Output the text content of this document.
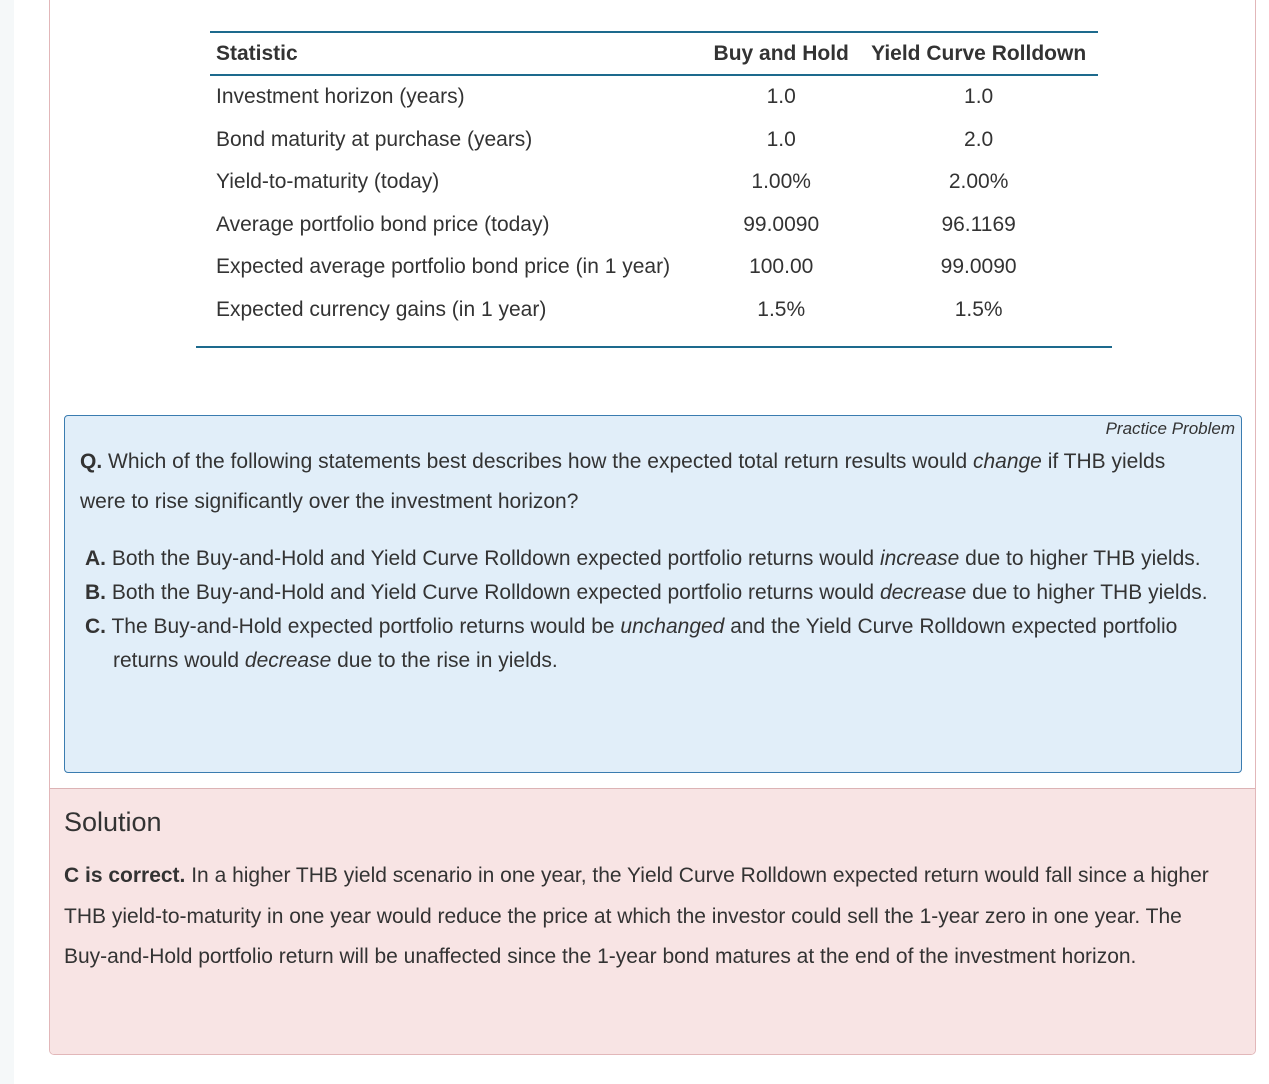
Statistic	Buy and Hold	Yield Curve Rolldown
Investment horizon (years)	1.0	1.0
Bond maturity at purchase (years)	1.0	2.0
Yield-to-maturity (today)	1.00%	2.00%
Average portfolio bond price (today)	99.0090	96.1169
Expected average portfolio bond price (in 1 year)	100.00	99.0090
Expected currency gains (in 1 year)	1.5%	1.5%
Practice Problem

Q. Which of the following statements best describes how the expected total return results would change if THB yields were to rise significantly over the investment horizon?

A. Both the Buy-and-Hold and Yield Curve Rolldown expected portfolio returns would increase due to higher THB yields.
B. Both the Buy-and-Hold and Yield Curve Rolldown expected portfolio returns would decrease due to higher THB yields.
C. The Buy-and-Hold expected portfolio returns would be unchanged and the Yield Curve Rolldown expected portfolio returns would decrease due to the rise in yields.
Solution

C is correct. In a higher THB yield scenario in one year, the Yield Curve Rolldown expected return would fall since a higher THB yield-to-maturity in one year would reduce the price at which the investor could sell the 1-year zero in one year. The Buy-and-Hold portfolio return will be unaffected since the 1-year bond matures at the end of the investment horizon.
